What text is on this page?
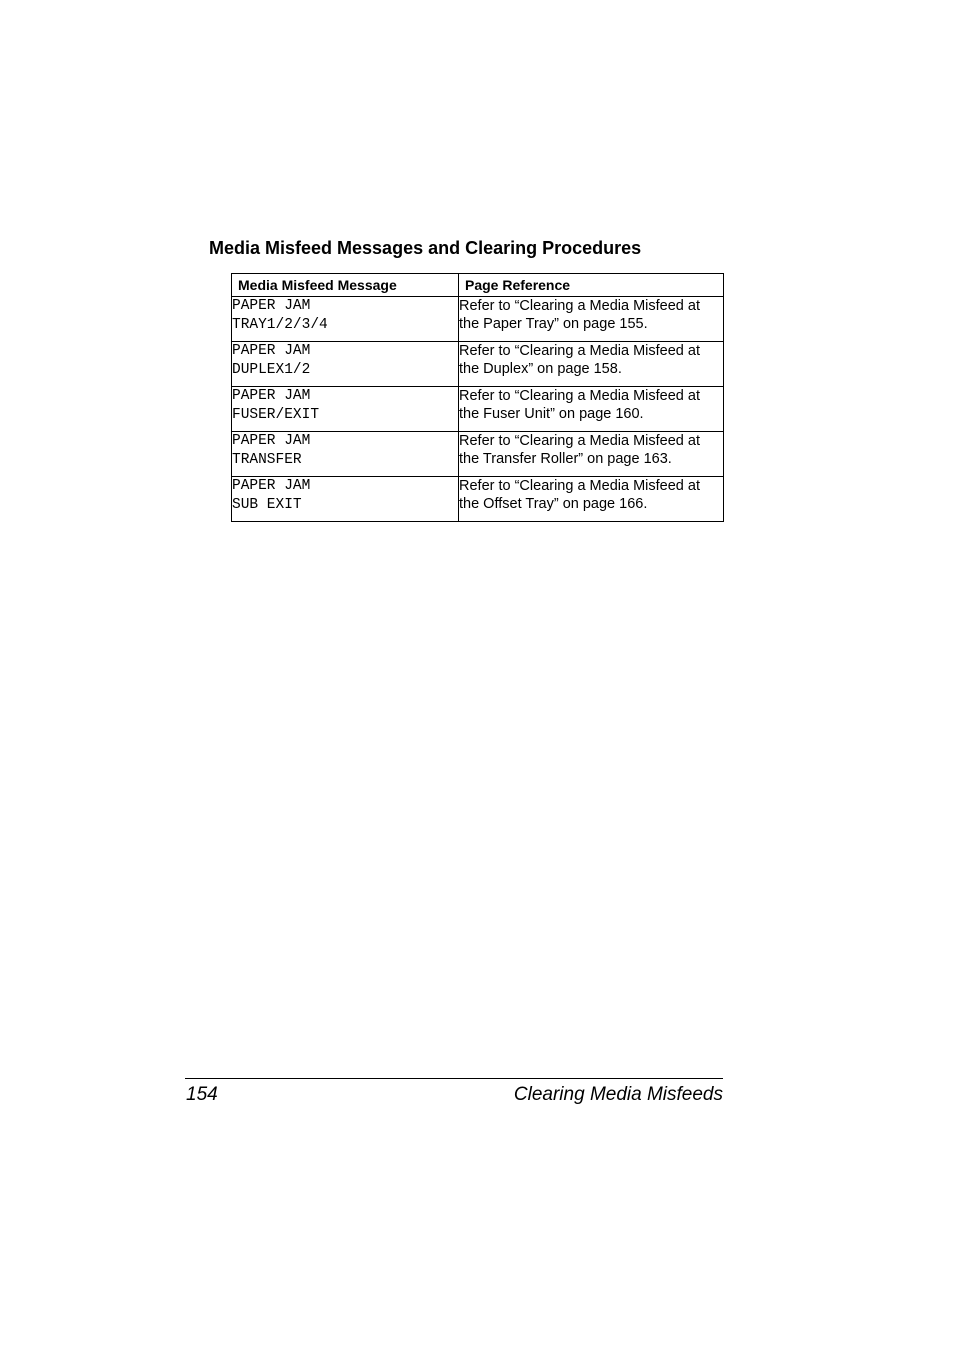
Media Misfeed Messages and Clearing Procedures
Media Misfeed Message	Page Reference

PAPER JAM
TRAY1/2/3/4	Refer to “Clearing a Media Misfeed at the Paper Tray” on page 155.

PAPER JAM
DUPLEX1/2	Refer to “Clearing a Media Misfeed at the Duplex” on page 158.

PAPER JAM
FUSER/EXIT	Refer to “Clearing a Media Misfeed at the Fuser Unit” on page 160.

PAPER JAM
TRANSFER	Refer to “Clearing a Media Misfeed at the Transfer Roller” on page 163.

PAPER JAM
SUB EXIT	Refer to “Clearing a Media Misfeed at the Offset Tray” on page 166.
154	Clearing Media Misfeeds
